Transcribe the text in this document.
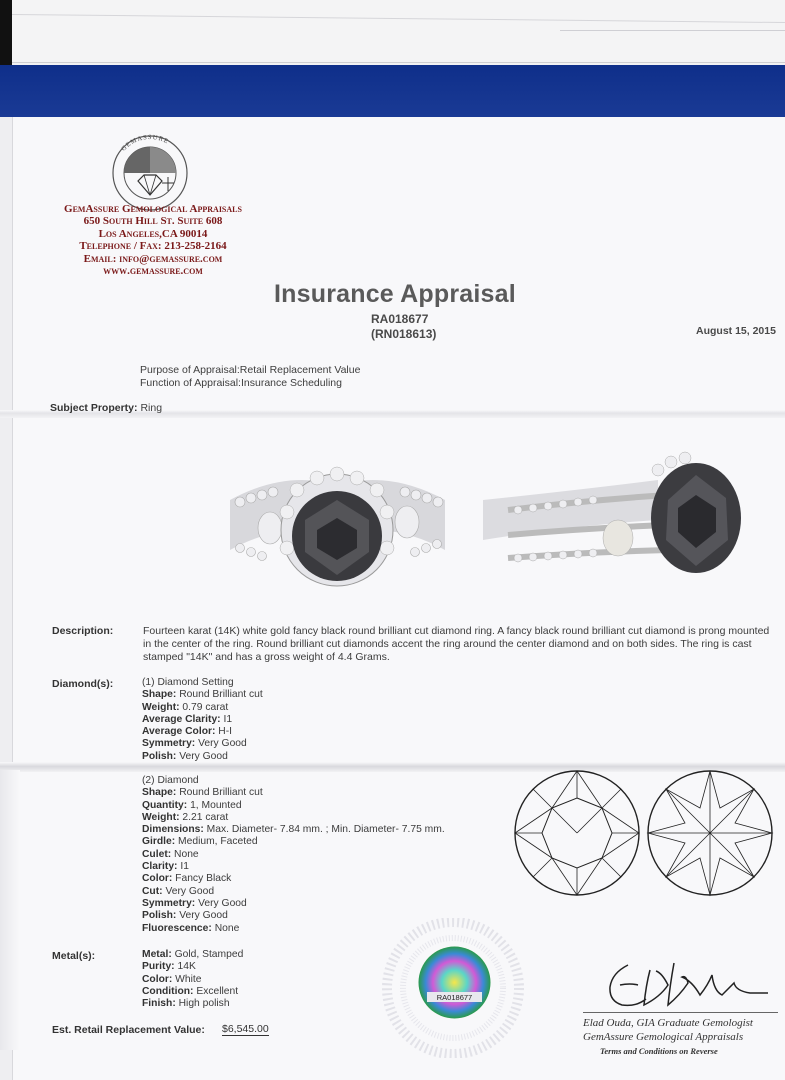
GEMASSURE
GemAssure Gemological Appraisals
650 South Hill St. Suite 608
Los Angeles,CA 90014
Telephone / Fax: 213-258-2164
Email: info@gemassure.com
www.gemassure.com
Insurance Appraisal
RA018677
(RN018613)	August 15, 2015
Purpose of Appraisal:Retail Replacement Value
Function of Appraisal:Insurance Scheduling
Subject Property: Ring
Description:	Fourteen karat (14K) white gold fancy black round brilliant cut diamond ring. A fancy black round brilliant cut diamond is prong mounted in the center of the ring. Round brilliant cut diamonds accent the ring around the center diamond and on both sides. The ring is cast stamped "14K" and has a gross weight of 4.4 Grams.
Diamond(s):	(1) Diamond Setting
Shape: Round Brilliant cut
Weight: 0.79 carat
Average Clarity: I1
Average Color: H-I
Symmetry: Very Good
Polish: Very Good
(2) Diamond
Shape: Round Brilliant cut
Quantity: 1, Mounted
Weight: 2.21 carat
Dimensions: Max. Diameter- 7.84 mm. ; Min. Diameter- 7.75 mm.
Girdle: Medium, Faceted
Culet: None
Clarity: I1
Color: Fancy Black
Cut: Very Good
Symmetry: Very Good
Polish: Very Good
Fluorescence: None
Metal(s):	Metal: Gold, Stamped
Purity: 14K
Color: White
Condition: Excellent
Finish: High polish
RA018677
Est. Retail Replacement Value: $6,545.00	Elad Ouda, GIA Graduate Gemologist
GemAssure Gemological Appraisals
Terms and Conditions on Reverse
